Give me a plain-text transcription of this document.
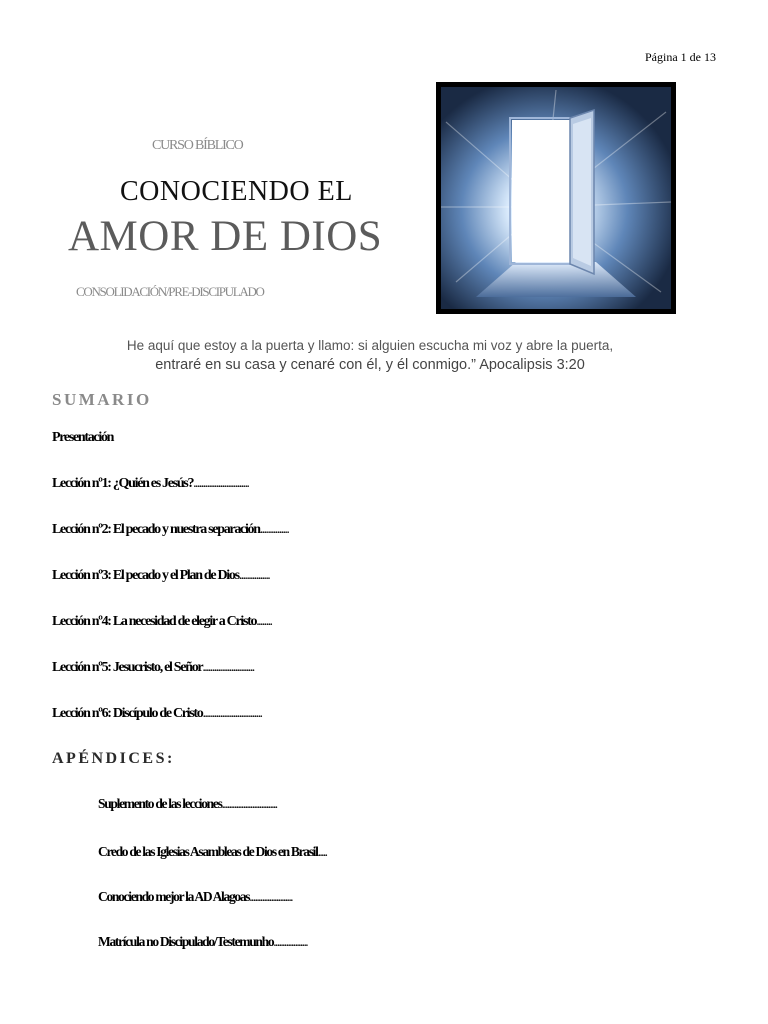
Página 1 de 13
CURSO BÍBLICO
CONOCIENDO EL
AMOR DE DIOS
CONSOLIDACIÓN/PRE-DISCIPULADO
He aquí que estoy a la puerta y llamo: si alguien escucha mi voz y abre la puerta,
entraré en su casa y cenaré con él, y él conmigo.” Apocalipsis 3:20
SUMARIO
Presentación
Lección nº1: ¿Quién es Jesús?.............................
Lección nº2: El pecado y nuestra separación...............
Lección nº3: El pecado y el Plan de Dios................
Lección nº4: La necesidad de elegir a Cristo........
Lección nº5: Jesucristo, el Señor...........................
Lección nº6: Discípulo de Cristo...............................
APÉNDICES:
Suplemento de las lecciones...............................
Credo de las Iglesias Asambleas de Dios en Brasil.....
Conociendo mejor la AD Alagoas........................
Matrícula no Discipulado/Testemunho...................
